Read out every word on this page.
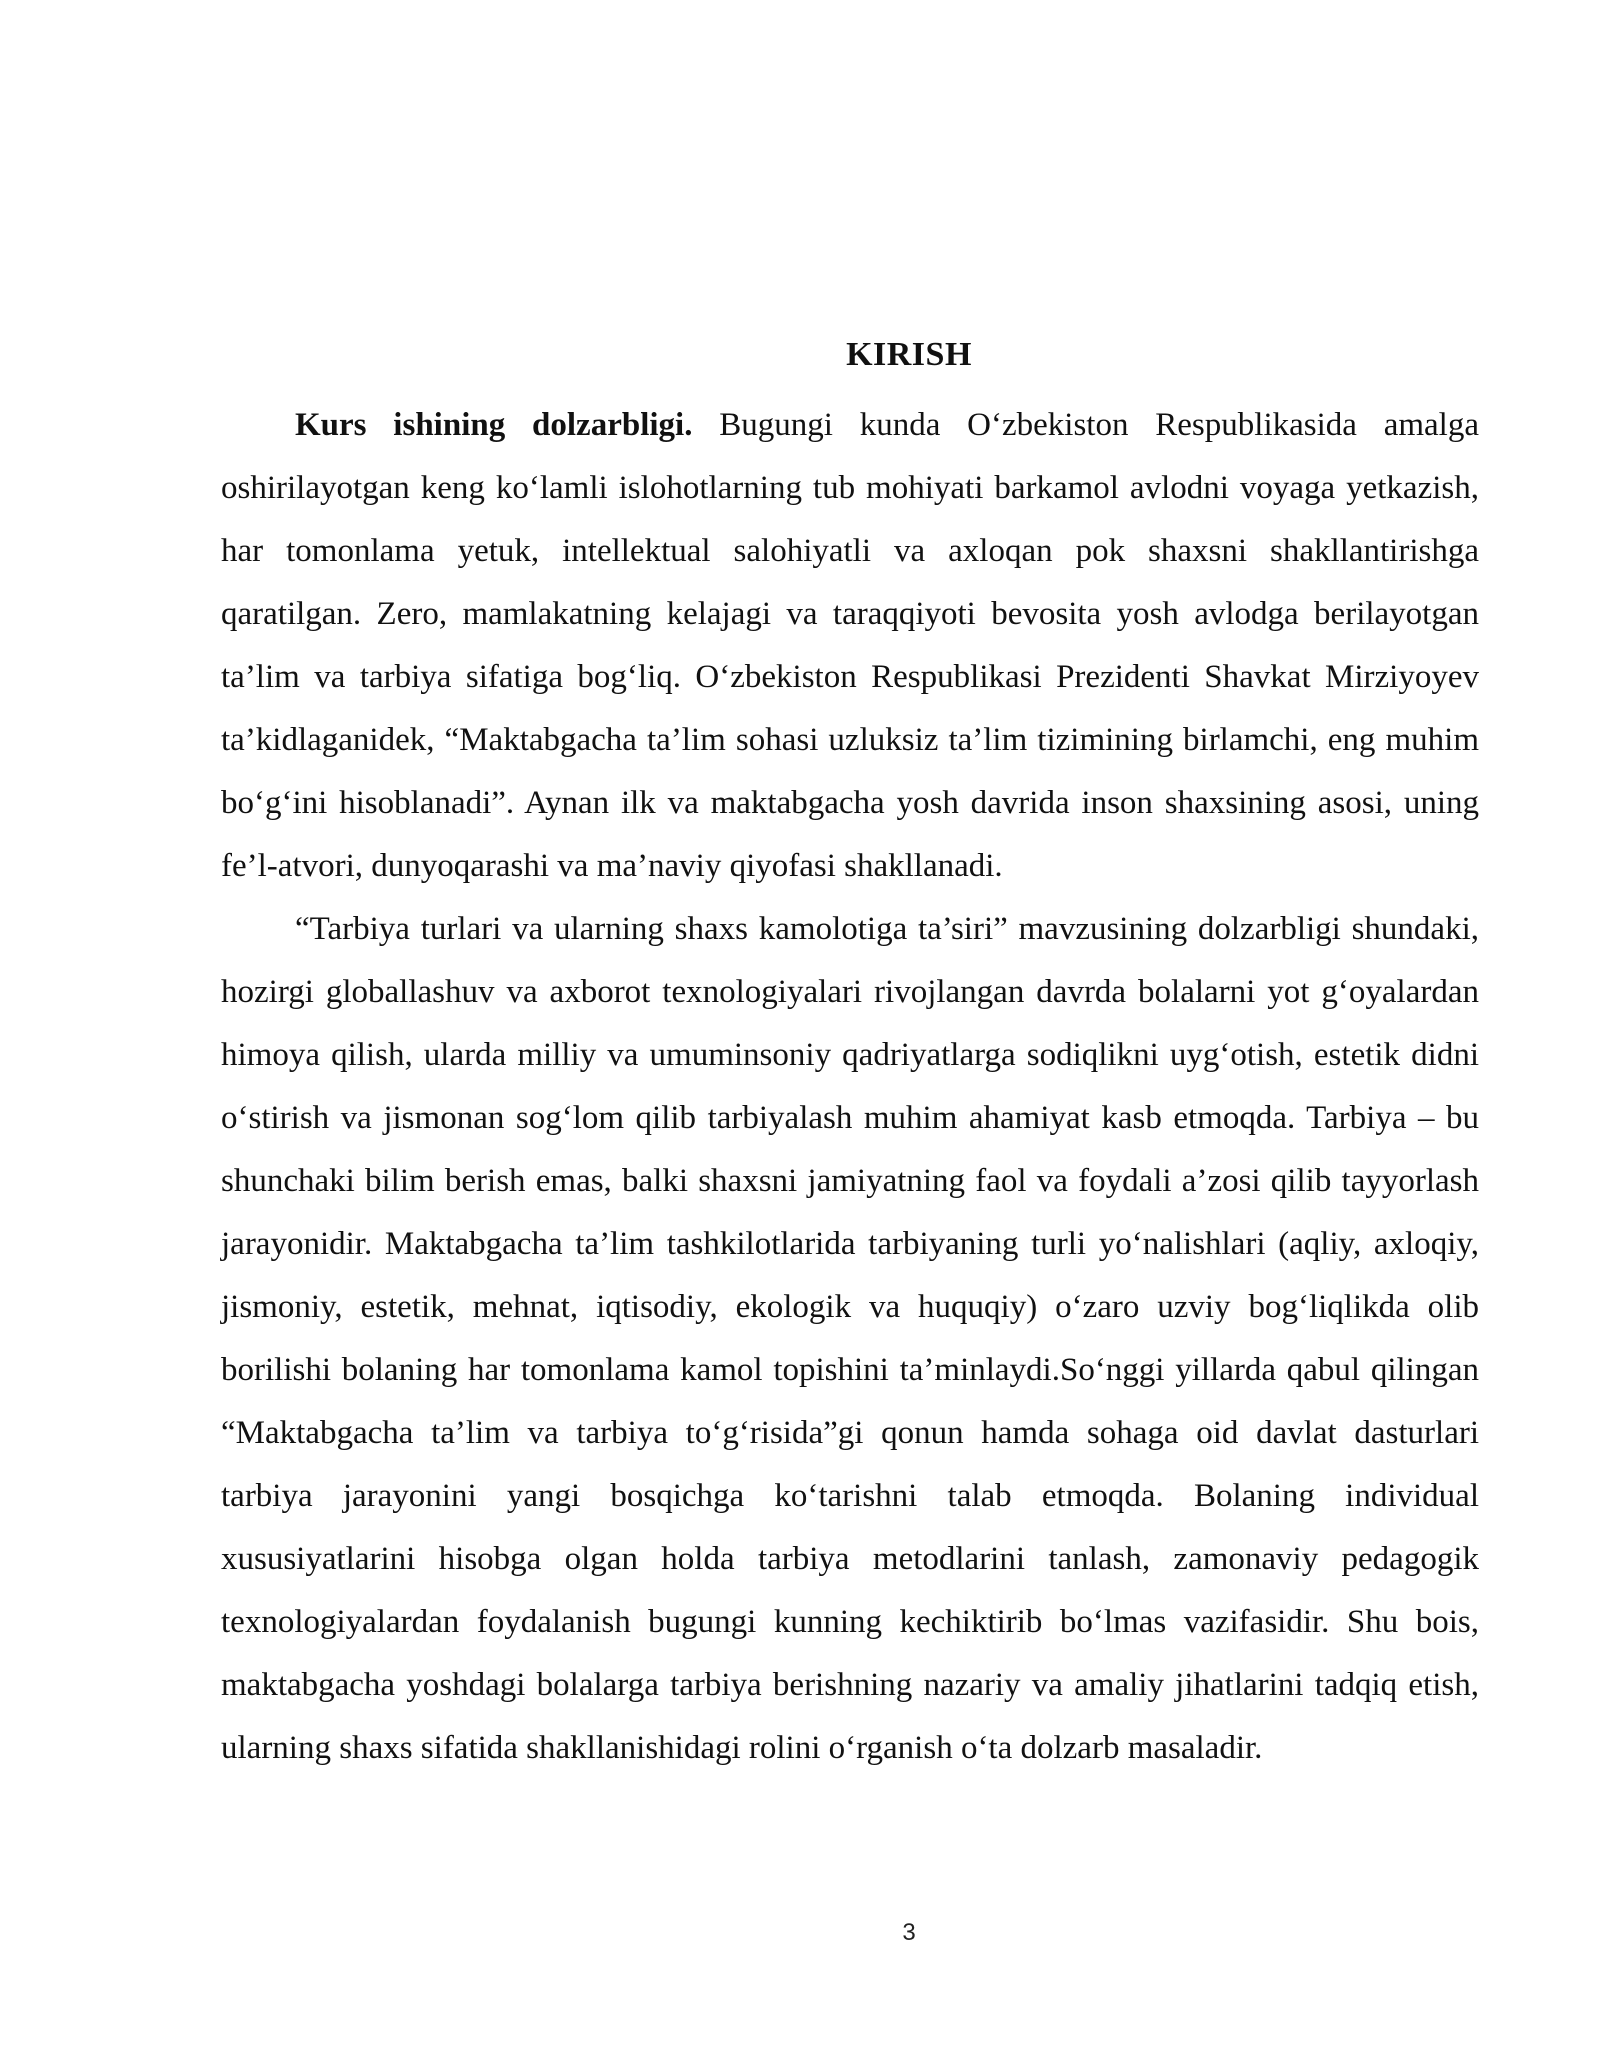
KIRISH

Kurs ishining dolzarbligi. Bugungi kunda O‘zbekiston Respublikasida amalga oshirilayotgan keng ko‘lamli islohotlarning tub mohiyati barkamol avlodni voyaga yetkazish, har tomonlama yetuk, intellektual salohiyatli va axloqan pok shaxsni shakllantirishga qaratilgan. Zero, mamlakatning kelajagi va taraqqiyoti bevosita yosh avlodga berilayotgan ta’lim va tarbiya sifatiga bog‘liq. O‘zbekiston Respublikasi Prezidenti Shavkat Mirziyoyev ta’kidlaganidek, “Maktabgacha ta’lim sohasi uzluksiz ta’lim tizimining birlamchi, eng muhim bo‘g‘ini hisoblanadi”. Aynan ilk va maktabgacha yosh davrida inson shaxsining asosi, uning fe’l-atvori, dunyoqarashi va ma’naviy qiyofasi shakllanadi.

“Tarbiya turlari va ularning shaxs kamolotiga ta’siri” mavzusining dolzarbligi shundaki, hozirgi globallashuv va axborot texnologiyalari rivojlangan davrda bolalarni yot g‘oyalardan himoya qilish, ularda milliy va umuminsoniy qadriyatlarga sodiqlikni uyg‘otish, estetik didni o‘stirish va jismonan sog‘lom qilib tarbiyalash muhim ahamiyat kasb etmoqda. Tarbiya – bu shunchaki bilim berish emas, balki shaxsni jamiyatning faol va foydali a’zosi qilib tayyorlash jarayonidir. Maktabgacha ta’lim tashkilotlarida tarbiyaning turli yo‘nalishlari (aqliy, axloqiy, jismoniy, estetik, mehnat, iqtisodiy, ekologik va huquqiy) o‘zaro uzviy bog‘liqlikda olib borilishi bolaning har tomonlama kamol topishini ta’minlaydi.So‘nggi yillarda qabul qilingan “Maktabgacha ta’lim va tarbiya to‘g‘risida”gi qonun hamda sohaga oid davlat dasturlari tarbiya jarayonini yangi bosqichga ko‘tarishni talab etmoqda. Bolaning individual xususiyatlarini hisobga olgan holda tarbiya metodlarini tanlash, zamonaviy pedagogik texnologiyalardan foydalanish bugungi kunning kechiktirib bo‘lmas vazifasidir. Shu bois, maktabgacha yoshdagi bolalarga tarbiya berishning nazariy va amaliy jihatlarini tadqiq etish, ularning shaxs sifatida shakllanishidagi rolini o‘rganish o‘ta dolzarb masaladir.

3
